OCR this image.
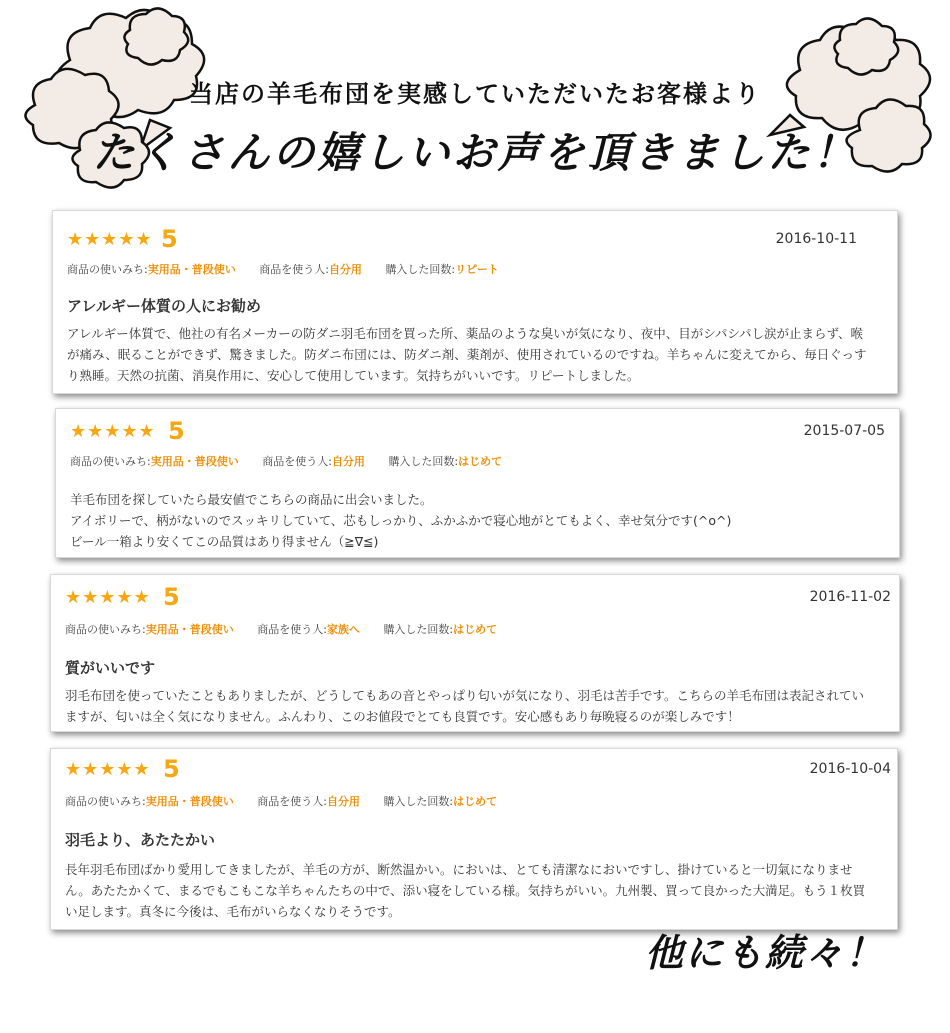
当店の羊毛布団を実感していただいたお客様より
たくさんの嬉しいお声を頂きました！
★★★★★ 5	2016-10-11
商品の使いみち:実用品・普段使い 商品を使う人:自分用 購入した回数:リピート
アレルギー体質の人にお勧め
アレルギー体質で、他社の有名メーカーの防ダニ羽毛布団を買った所、薬品のような臭いが気になり、夜中、目がシパシパし涙が止まらず、喉
が痛み、眠ることができず、驚きました。防ダニ布団には、防ダニ剤、薬剤が、使用されているのですね。羊ちゃんに変えてから、毎日ぐっす
り熟睡。天然の抗菌、消臭作用に、安心して使用しています。気持ちがいいです。リピートしました。
★★★★★ 5	2015-07-05
商品の使いみち:実用品・普段使い 商品を使う人:自分用 購入した回数:はじめて
羊毛布団を探していたら最安値でこちらの商品に出会いました。
アイボリーで、柄がないのでスッキリしていて、芯もしっかり、ふかふかで寝心地がとてもよく、幸せ気分です(^o^)
ビール一箱より安くてこの品質はあり得ません（≧∇≦)
★★★★★ 5	2016-11-02
商品の使いみち:実用品・普段使い 商品を使う人:家族へ 購入した回数:はじめて
質がいいです
羽毛布団を使っていたこともありましたが、どうしてもあの音とやっぱり匂いが気になり、羽毛は苦手です。こちらの羊毛布団は表記されてい
ますが、匂いは全く気になりません。ふんわり、このお値段でとても良質です。安心感もあり毎晩寝るのが楽しみです！
★★★★★ 5	2016-10-04
商品の使いみち:実用品・普段使い 商品を使う人:自分用 購入した回数:はじめて
羽毛より、あたたかい
長年羽毛布団ばかり愛用してきましたが、羊毛の方が、断然温かい。においは、とても清潔なにおいですし、掛けていると一切氣になりませ
ん。あたたかくて、まるでもこもこな羊ちゃんたちの中で、添い寝をしている様。気持ちがいい。九州製、買って良かった大満足。もう１枚買
い足します。真冬に今後は、毛布がいらなくなりそうです。
他にも続々！
